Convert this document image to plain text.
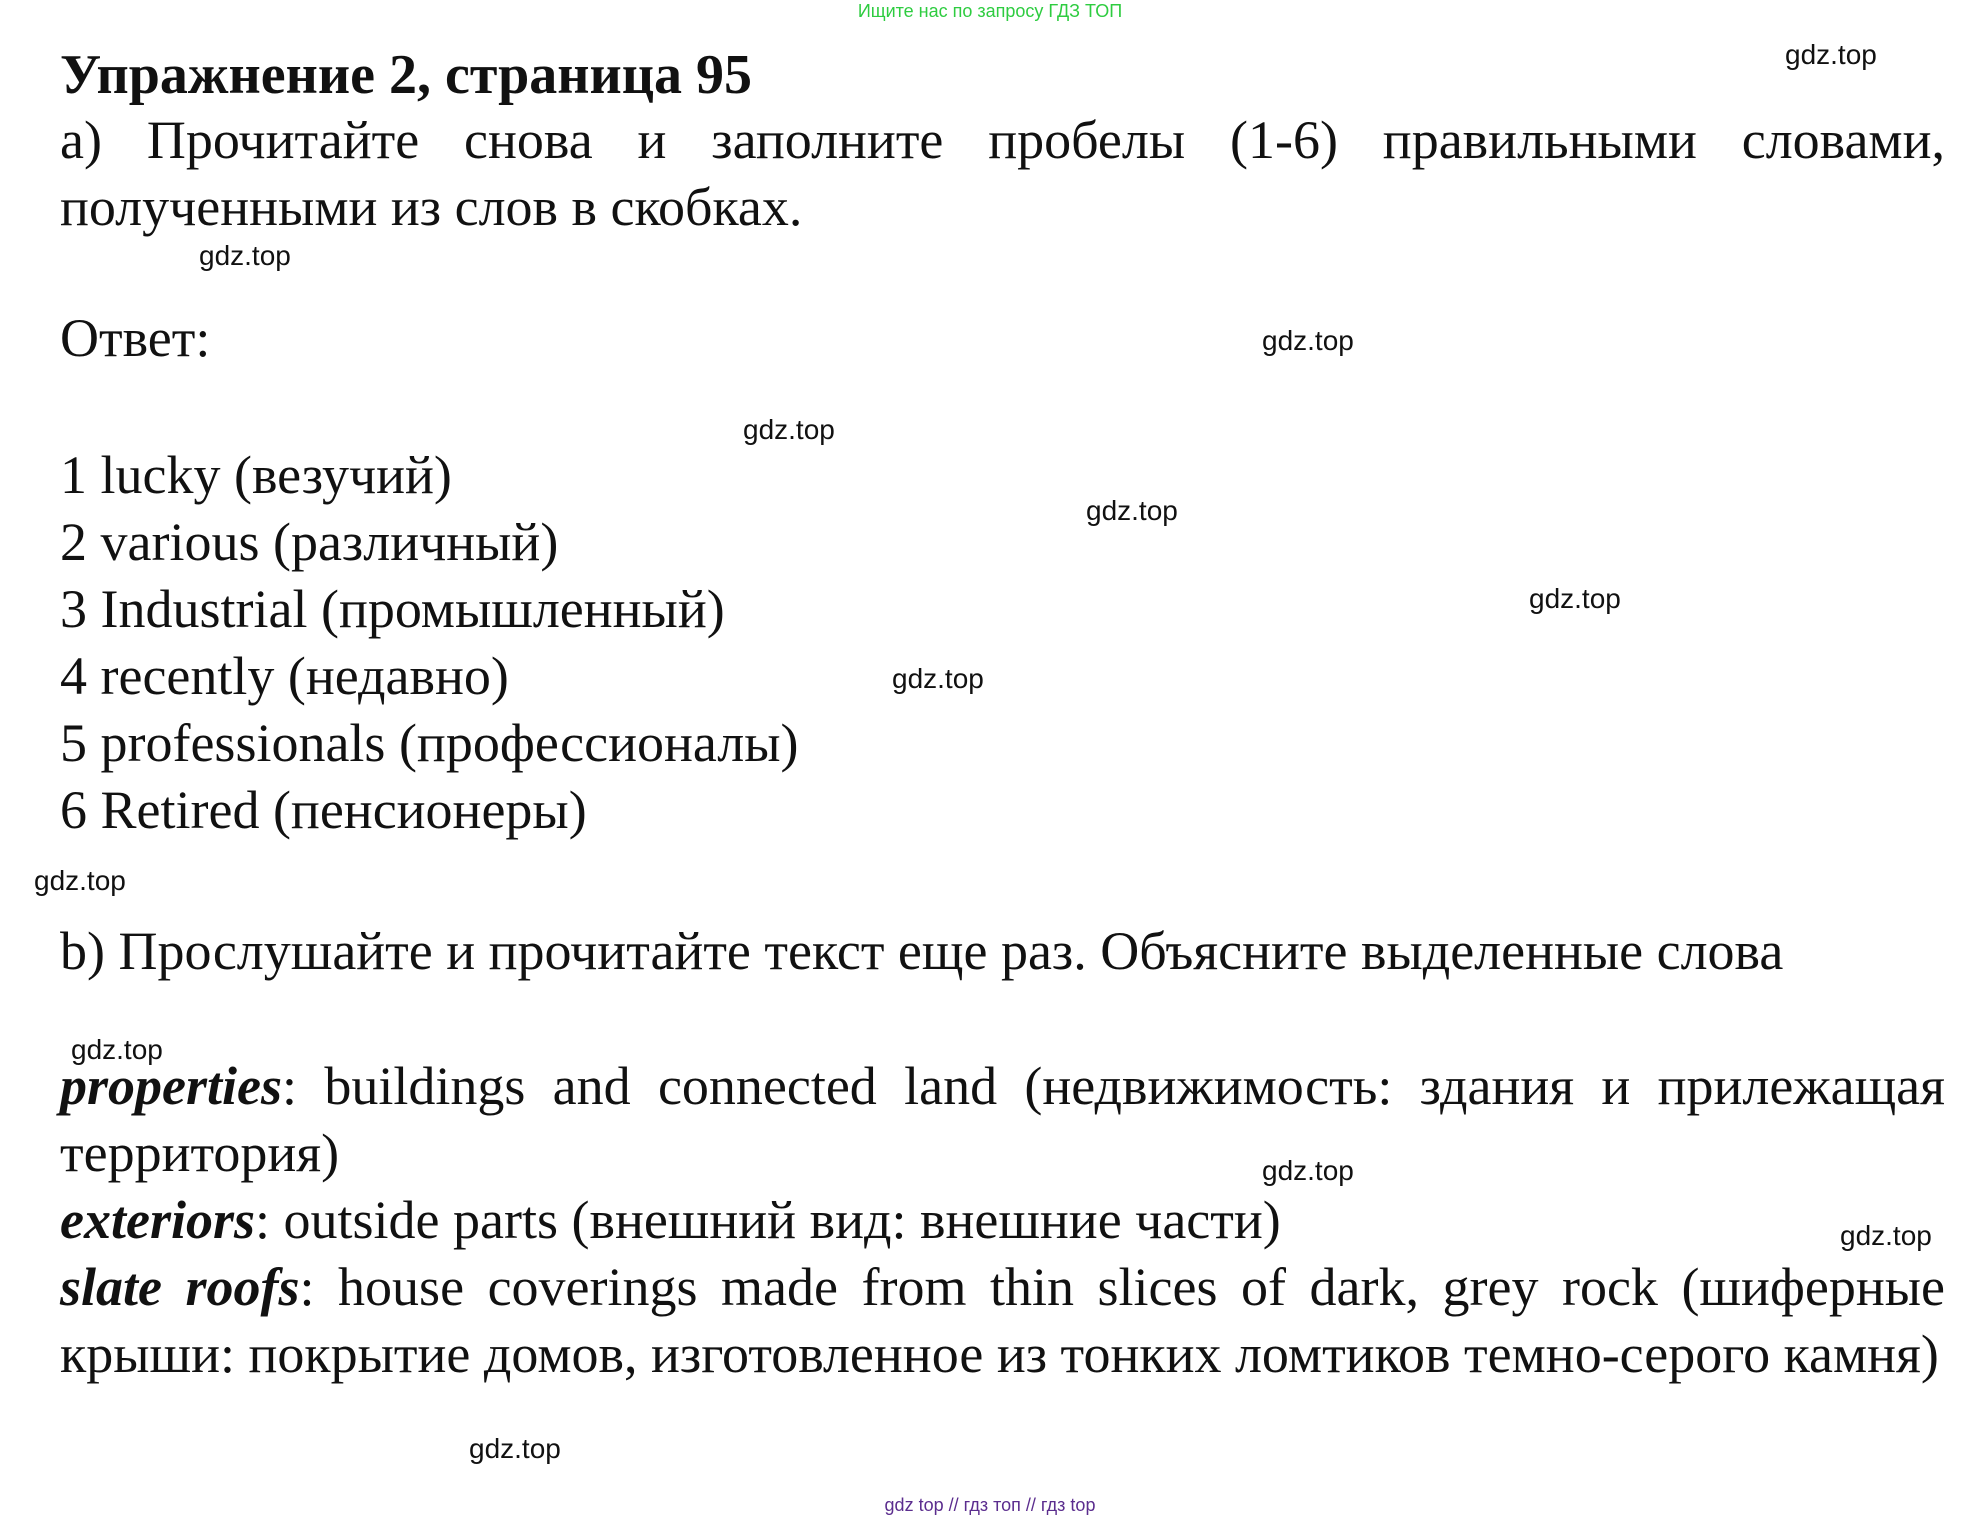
Ищите нас по запросу ГДЗ ТОП
Упражнение 2, страница 95

a) Прочитайте снова и заполните пробелы (1-6) правильными словами, полученными из слов в скобках.

Ответ:
1 lucky (везучий)
2 various (различный)
3 Industrial (промышленный)
4 recently (недавно)
5 professionals (профессионалы)
6 Retired (пенсионеры)

b) Прослушайте и прочитайте текст еще раз. Объясните выделенные слова

properties: buildings and connected land (недвижимость: здания и прилежащая территория)

exteriors: outside parts (внешний вид: внешние части)

slate roofs: house coverings made from thin slices of dark, grey rock (шиферные крыши: покрытие домов, изготовленное из тонких ломтиков темно-серого камня)

gdz.top
gdz.top
gdz.top
gdz.top
gdz.top
gdz.top
gdz.top
gdz.top
gdz.top
gdz.top
gdz.top
gdz.top
gdz top // гдз топ // гдз top
